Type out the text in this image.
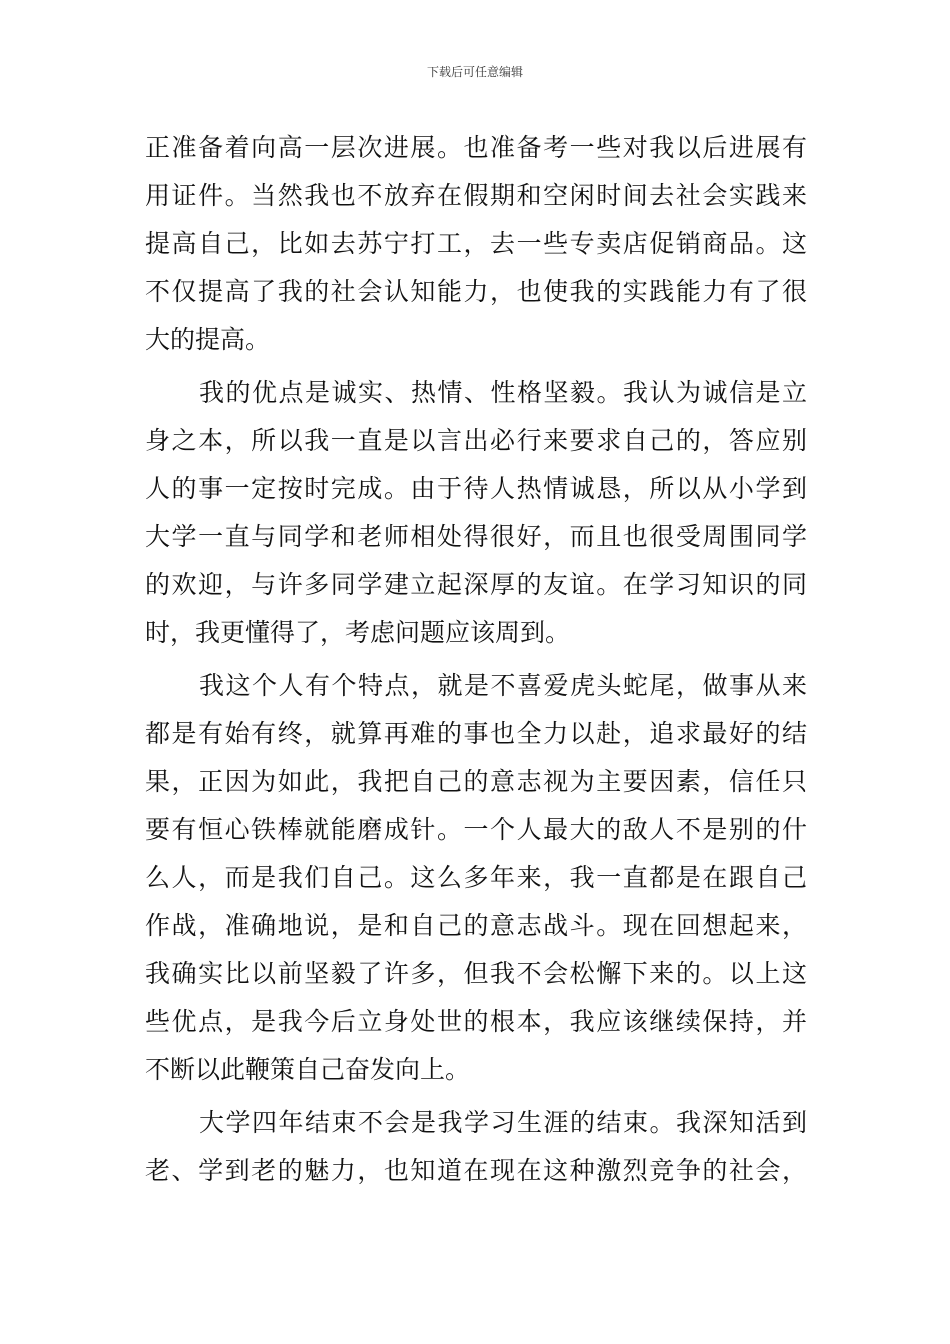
下载后可任意编辑
正准备着向高一层次进展。也准备考一些对我以后进展有
用证件。当然我也不放弃在假期和空闲时间去社会实践来
提高自己，比如去苏宁打工，去一些专卖店促销商品。这
不仅提高了我的社会认知能力，也使我的实践能力有了很
大的提高。
我的优点是诚实、热情、性格坚毅。我认为诚信是立
身之本，所以我一直是以言出必行来要求自己的，答应别
人的事一定按时完成。由于待人热情诚恳，所以从小学到
大学一直与同学和老师相处得很好，而且也很受周围同学
的欢迎，与许多同学建立起深厚的友谊。在学习知识的同
时，我更懂得了，考虑问题应该周到。
我这个人有个特点，就是不喜爱虎头蛇尾，做事从来
都是有始有终，就算再难的事也全力以赴，追求最好的结
果，正因为如此，我把自己的意志视为主要因素，信任只
要有恒心铁棒就能磨成针。一个人最大的敌人不是别的什
么人，而是我们自己。这么多年来，我一直都是在跟自己
作战，准确地说，是和自己的意志战斗。现在回想起来，
我确实比以前坚毅了许多，但我不会松懈下来的。以上这
些优点，是我今后立身处世的根本，我应该继续保持，并
不断以此鞭策自己奋发向上。
大学四年结束不会是我学习生涯的结束。我深知活到
老、学到老的魅力，也知道在现在这种激烈竞争的社会，
